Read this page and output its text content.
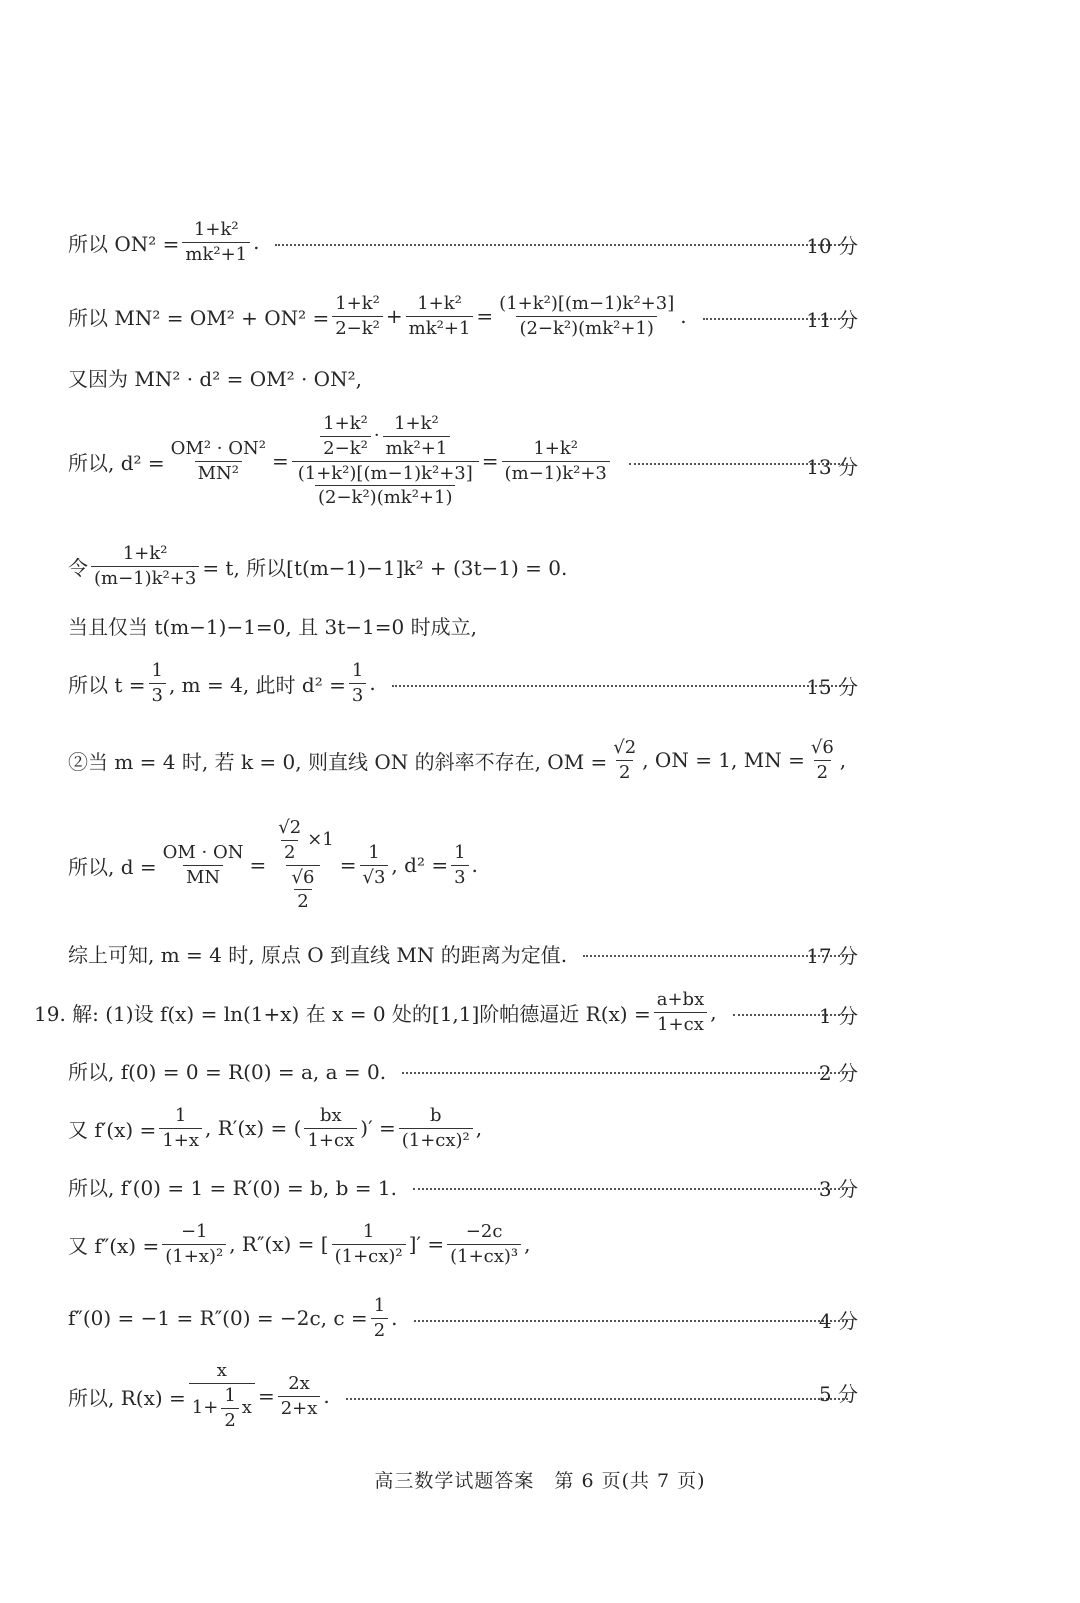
所以 $ON^2 = \frac{\text{1+k²}}{\text{mk²+1}}$ .	10 分
所以 $MN^2 = OM^2 + ON^2 = \frac{\text{1+k²}}{\text{2−k²}} + \frac{\text{1+k²}}{\text{mk²+1}} = \frac{\text{(1+k²)[(m−1)k²+3]}}{\text{(2−k²)(mk²+1)}}$ .	11 分
又因为 MN² · d² = OM² · ON²,
所以, $d^2 = \frac{\text{OM² · ON²}}{\text{MN²}} = \frac{\frac{\text{1+k²}}{\text{2−k²}} \cdot \frac{\text{1+k²}}{\text{mk²+1}}}{\frac{\text{(1+k²)[(m−1)k²+3]}}{\text{(2−k²)(mk²+1)}}} = \frac{\text{1+k²}}{\text{(m−1)k²+3}}$	13 分
令 $\frac{\text{1+k²}}{\text{(m−1)k²+3}} = t$, 所以[t(m−1)−1]k² + (3t−1) = 0.
当且仅当 t(m−1)−1=0, 且 3t−1=0 时成立,
所以 $t = \frac{1}{3}$ , m = 4, 此时 $d^2 = \frac{1}{3}$ .	15 分
②当 m = 4 时, 若 k = 0, 则直线 ON 的斜率不存在, OM = $\frac{√2}{2}$ , ON = 1, MN = $\frac{√6}{2}$ ,
所以, $d = \frac{OM \cdot ON}{MN} = \frac{\frac{√2}{2} \times 1}{\frac{√6}{2}} = \frac{1}{√3}$ , $d^2 = \frac{1}{3}$ .
综上可知, m = 4 时, 原点 O 到直线 MN 的距离为定值.	17 分
19. 解: (1)设 f(x) = ln(1+x) 在 x = 0 处的[1,1]阶帕德逼近 $R(x) = \frac{a+bx}{1+cx}$ ,	1 分
所以, f(0) = 0 = R(0) = a, a = 0.	2 分
又 $f'(x) = \frac{1}{1+x}$ , R′(x) = ( $\frac{bx}{1+cx}$ )′ = $\frac{b}{\text{(1+cx)²}}$ ,
所以, f′(0) = 1 = R′(0) = b, b = 1.	3 分
又 $f''(x) = \frac{-1}{\text{(1+x)²}}$ , R″(x) = [ $\frac{1}{\text{(1+cx)²}}$ ]′ = $\frac{-2c}{\text{(1+cx)³}}$ ,
f″(0) = −1 = R″(0) = −2c, $c = \frac{1}{2}$ .	4 分
所以, $R(x) = \frac{x}{1+ \frac{1}{2} x} = \frac{2x}{2+x}$ .	5 分
高三数学试题答案　第 6 页(共 7 页)
